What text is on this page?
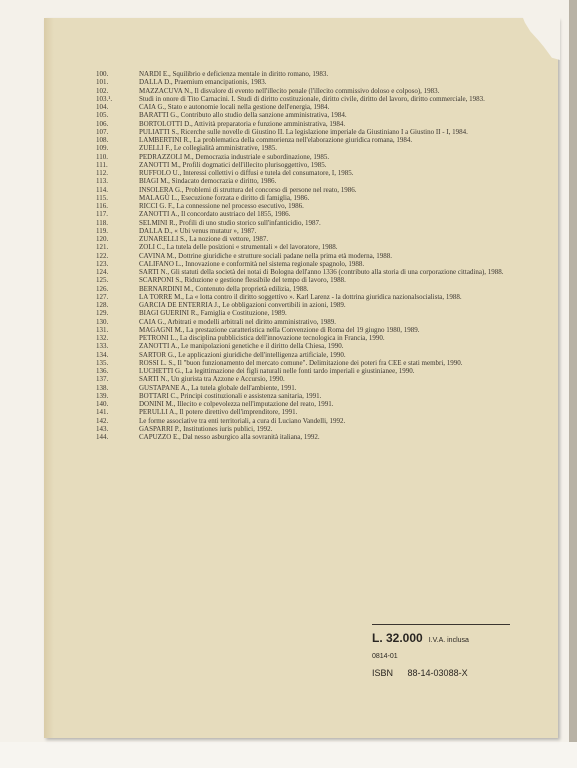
100.	NARDI E., Squilibrio e deficienza mentale in diritto romano, 1983.
101.	DALLA D., Praemium emancipationis, 1983.
102.	MAZZACUVA N., Il disvalore di evento nell'illecito penale (l'illecito commissivo doloso e colposo), 1983.
103.¹.	Studi in onore di Tito Carnacini. I. Studi di diritto costituzionale, diritto civile, diritto del lavoro, diritto commerciale, 1983.
104.	CAIA G., Stato e autonomie locali nella gestione dell'energia, 1984.
105.	BARATTI G., Contributo allo studio della sanzione amministrativa, 1984.
106.	BORTOLOTTI D., Attività preparatoria e funzione amministrativa, 1984.
107.	PULIATTI S., Ricerche sulle novelle di Giustino II. La legislazione imperiale da Giustiniano I a Giustino II - I, 1984.
108.	LAMBERTINI R., La problematica della commorienza nell'elaborazione giuridica romana, 1984.
109.	ZUELLI F., Le collegialità amministrative, 1985.
110.	PEDRAZZOLI M., Democrazia industriale e subordinazione, 1985.
111.	ZANOTTI M., Profili dogmatici dell'illecito plurisoggettivo, 1985.
112.	RUFFOLO U., Interessi collettivi o diffusi e tutela del consumatore, I, 1985.
113.	BIAGI M., Sindacato democrazia e diritto, 1986.
114.	INSOLERA G., Problemi di struttura del concorso di persone nel reato, 1986.
115.	MALAGÙ L., Esecuzione forzata e diritto di famiglia, 1986.
116.	RICCI G. F., La connessione nel processo esecutivo, 1986.
117.	ZANOTTI A., Il concordato austriaco del 1855, 1986.
118.	SELMINI R., Profili di uno studio storico sull'infanticidio, 1987.
119.	DALLA D., « Ubi venus mutatur », 1987.
120.	ZUNARELLI S., La nozione di vettore, 1987.
121.	ZOLI C., La tutela delle posizioni « strumentali » del lavoratore, 1988.
122.	CAVINA M., Dottrine giuridiche e strutture sociali padane nella prima età moderna, 1988.
123.	CALIFANO L., Innovazione e conformità nel sistema regionale spagnolo, 1988.
124.	SARTI N., Gli statuti della società dei notai di Bologna dell'anno 1336 (contributo alla storia di una corporazione cittadina), 1988.
125.	SCARPONI S., Riduzione e gestione flessibile del tempo di lavoro, 1988.
126.	BERNARDINI M., Contenuto della proprietà edilizia, 1988.
127.	LA TORRE M., La « lotta contro il diritto soggettivo ». Karl Larenz - la dottrina giuridica nazionalsocialista, 1988.
128.	GARCIA DE ENTERRIA J., Le obbligazioni convertibili in azioni, 1989.
129.	BIAGI GUERINI R., Famiglia e Costituzione, 1989.
130.	CAIA G., Arbitrati e modelli arbitrali nel diritto amministrativo, 1989.
131.	MAGAGNI M., La prestazione caratteristica nella Convenzione di Roma del 19 giugno 1980, 1989.
132.	PETRONI L., La disciplina pubblicistica dell'innovazione tecnologica in Francia, 1990.
133.	ZANOTTI A., Le manipolazioni genetiche e il diritto della Chiesa, 1990.
134.	SARTOR G., Le applicazioni giuridiche dell'intelligenza artificiale, 1990.
135.	ROSSI L. S., Il "buon funzionamento del mercato comune". Delimitazione dei poteri fra CEE e stati membri, 1990.
136.	LUCHETTI G., La legittimazione dei figli naturali nelle fonti tardo imperiali e giustinianee, 1990.
137.	SARTI N., Un giurista tra Azzone e Accursio, 1990.
138.	GUSTAPANE A., La tutela globale dell'ambiente, 1991.
139.	BOTTARI C., Principi costituzionali e assistenza sanitaria, 1991.
140.	DONINI M., Illecito e colpevolezza nell'imputazione del reato, 1991.
141.	PERULLI A., Il potere direttivo dell'imprenditore, 1991.
142.	Le forme associative tra enti territoriali, a cura di Luciano Vandelli, 1992.
143.	GASPARRI P., Institutiones iuris publici, 1992.
144.	CAPUZZO E., Dal nesso asburgico alla sovranità italiana, 1992.
L. 32.000 I.V.A. inclusa
0814-01
ISBN 88-14-03088-X
